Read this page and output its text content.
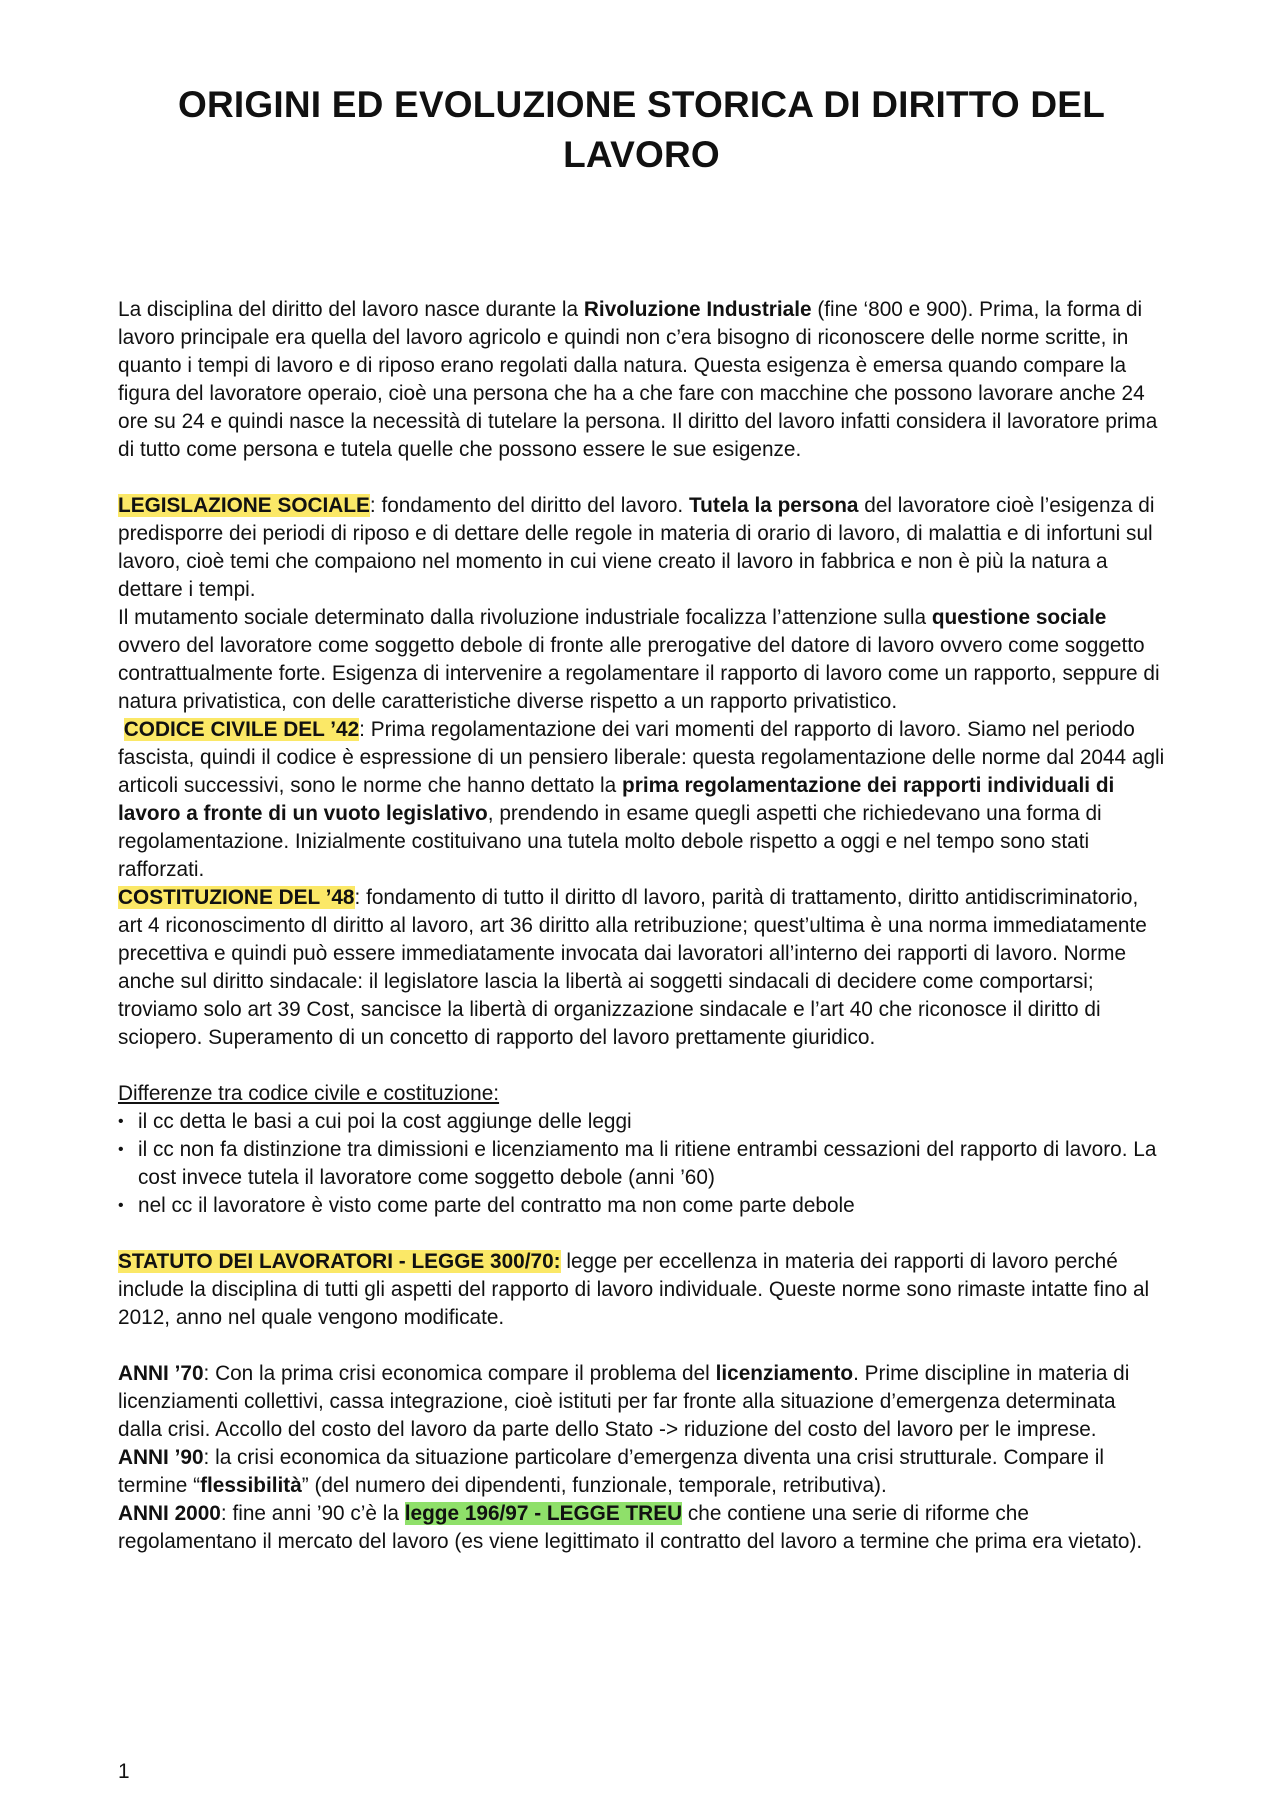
ORIGINI ED EVOLUZIONE STORICA DI DIRITTO DEL LAVORO

La disciplina del diritto del lavoro nasce durante la Rivoluzione Industriale (fine ‘800 e 900). Prima, la forma di lavoro principale era quella del lavoro agricolo e quindi non c’era bisogno di riconoscere delle norme scritte, in quanto i tempi di lavoro e di riposo erano regolati dalla natura. Questa esigenza è emersa quando compare la figura del lavoratore operaio, cioè una persona che ha a che fare con macchine che possono lavorare anche 24 ore su 24 e quindi nasce la necessità di tutelare la persona. Il diritto del lavoro infatti considera il lavoratore prima di tutto come persona e tutela quelle che possono essere le sue esigenze.

LEGISLAZIONE SOCIALE: fondamento del diritto del lavoro. Tutela la persona del lavoratore cioè l’esigenza di predisporre dei periodi di riposo e di dettare delle regole in materia di orario di lavoro, di malattia e di infortuni sul lavoro, cioè temi che compaiono nel momento in cui viene creato il lavoro in fabbrica e non è più la natura a dettare i tempi.

Il mutamento sociale determinato dalla rivoluzione industriale focalizza l’attenzione sulla questione sociale ovvero del lavoratore come soggetto debole di fronte alle prerogative del datore di lavoro ovvero come soggetto contrattualmente forte. Esigenza di intervenire a regolamentare il rapporto di lavoro come un rapporto, seppure di natura privatistica, con delle caratteristiche diverse rispetto a un rapporto privatistico.

CODICE CIVILE DEL ’42: Prima regolamentazione dei vari momenti del rapporto di lavoro. Siamo nel periodo fascista, quindi il codice è espressione di un pensiero liberale: questa regolamentazione delle norme dal 2044 agli articoli successivi, sono le norme che hanno dettato la prima regolamentazione dei rapporti individuali di lavoro a fronte di un vuoto legislativo, prendendo in esame quegli aspetti che richiedevano una forma di regolamentazione. Inizialmente costituivano una tutela molto debole rispetto a oggi e nel tempo sono stati rafforzati.

COSTITUZIONE DEL ’48: fondamento di tutto il diritto dl lavoro, parità di trattamento, diritto antidiscriminatorio, art 4 riconoscimento dl diritto al lavoro, art 36 diritto alla retribuzione; quest’ultima è una norma immediatamente precettiva e quindi può essere immediatamente invocata dai lavoratori all’interno dei rapporti di lavoro. Norme anche sul diritto sindacale: il legislatore lascia la libertà ai soggetti sindacali di decidere come comportarsi; troviamo solo art 39 Cost, sancisce la libertà di organizzazione sindacale e l’art 40 che riconosce il diritto di sciopero. Superamento di un concetto di rapporto del lavoro prettamente giuridico.

Differenze tra codice civile e costituzione:

• il cc detta le basi a cui poi la cost aggiunge delle leggi
• il cc non fa distinzione tra dimissioni e licenziamento ma li ritiene entrambi cessazioni del rapporto di lavoro. La cost invece tutela il lavoratore come soggetto debole (anni ’60)
• nel cc il lavoratore è visto come parte del contratto ma non come parte debole

STATUTO DEI LAVORATORI - LEGGE 300/70: legge per eccellenza in materia dei rapporti di lavoro perché include la disciplina di tutti gli aspetti del rapporto di lavoro individuale. Queste norme sono rimaste intatte fino al 2012, anno nel quale vengono modificate.

ANNI ’70: Con la prima crisi economica compare il problema del licenziamento. Prime discipline in materia di licenziamenti collettivi, cassa integrazione, cioè istituti per far fronte alla situazione d’emergenza determinata dalla crisi. Accollo del costo del lavoro da parte dello Stato -> riduzione del costo del lavoro per le imprese.

ANNI ’90: la crisi economica da situazione particolare d’emergenza diventa una crisi strutturale. Compare il termine “flessibilità” (del numero dei dipendenti, funzionale, temporale, retributiva).

ANNI 2000: fine anni ’90 c’è la legge 196/97 - LEGGE TREU che contiene una serie di riforme che regolamentano il mercato del lavoro (es viene legittimato il contratto del lavoro a termine che prima era vietato).

1
